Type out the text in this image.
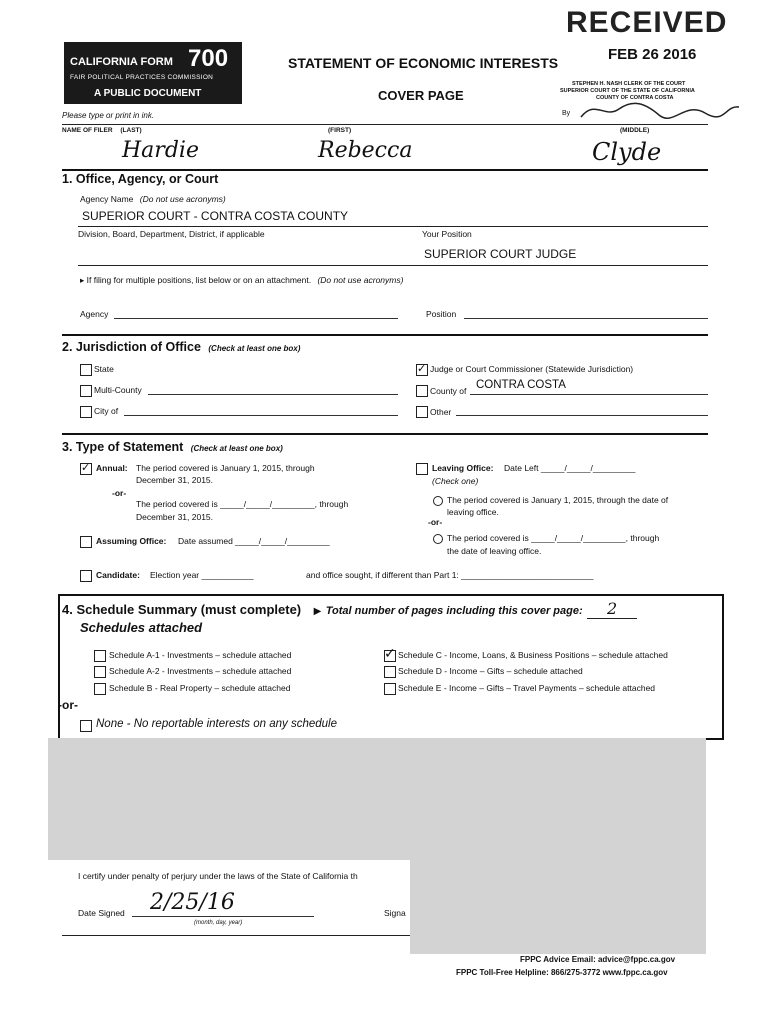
CALIFORNIA FORM 700
FAIR POLITICAL PRACTICES COMMISSION
A PUBLIC DOCUMENT
STATEMENT OF ECONOMIC INTERESTS
COVER PAGE
Please type or print in ink.
RECEIVED
FEB 26 2016
STEPHEN H. NASH CLERK OF THE COURT
SUPERIOR COURT OF THE STATE OF CALIFORNIA
COUNTY OF CONTRA COSTA
By
NAME OF FILER (LAST)	(FIRST)	(MIDDLE)
Hardie	Rebecca	Clyde
1. Office, Agency, or Court
Agency Name (Do not use acronyms)
SUPERIOR COURT - CONTRA COSTA COUNTY
Division, Board, Department, District, if applicable	Your Position
SUPERIOR COURT JUDGE
▸ If filing for multiple positions, list below or on an attachment. (Do not use acronyms)
Agency	Position
2. Jurisdiction of Office (Check at least one box)
State
Multi-County
City of
✓ Judge or Court Commissioner (Statewide Jurisdiction)
County of CONTRA COSTA
Other
3. Type of Statement (Check at least one box)
✓ Annual: The period covered is January 1, 2015, through
December 31, 2015.
-or-
The period covered is _____/_____/_________, through
December 31, 2015.
Assuming Office: Date assumed _____/_____/_________
Leaving Office: Date Left _____/_____/_________
(Check one)
The period covered is January 1, 2015, through the date of
leaving office.
-or-
The period covered is _____/_____/_________, through
the date of leaving office.
Candidate: Election year ___________	and office sought, if different than Part 1: ____________________________
4. Schedule Summary (must complete) ▶ Total number of pages including this cover page: 2
Schedules attached
Schedule A-1 - Investments – schedule attached
Schedule A-2 - Investments – schedule attached
Schedule B - Real Property – schedule attached
✓ Schedule C - Income, Loans, & Business Positions – schedule attached
Schedule D - Income – Gifts – schedule attached
Schedule E - Income – Gifts – Travel Payments – schedule attached
-or-
None - No reportable interests on any schedule
I certify under penalty of perjury under the laws of the State of California th
Date Signed 2/25/16
(month, day, year)
Signa
FPPC Advice Email: advice@fppc.ca.gov
FPPC Toll-Free Helpline: 866/275-3772 www.fppc.ca.gov
